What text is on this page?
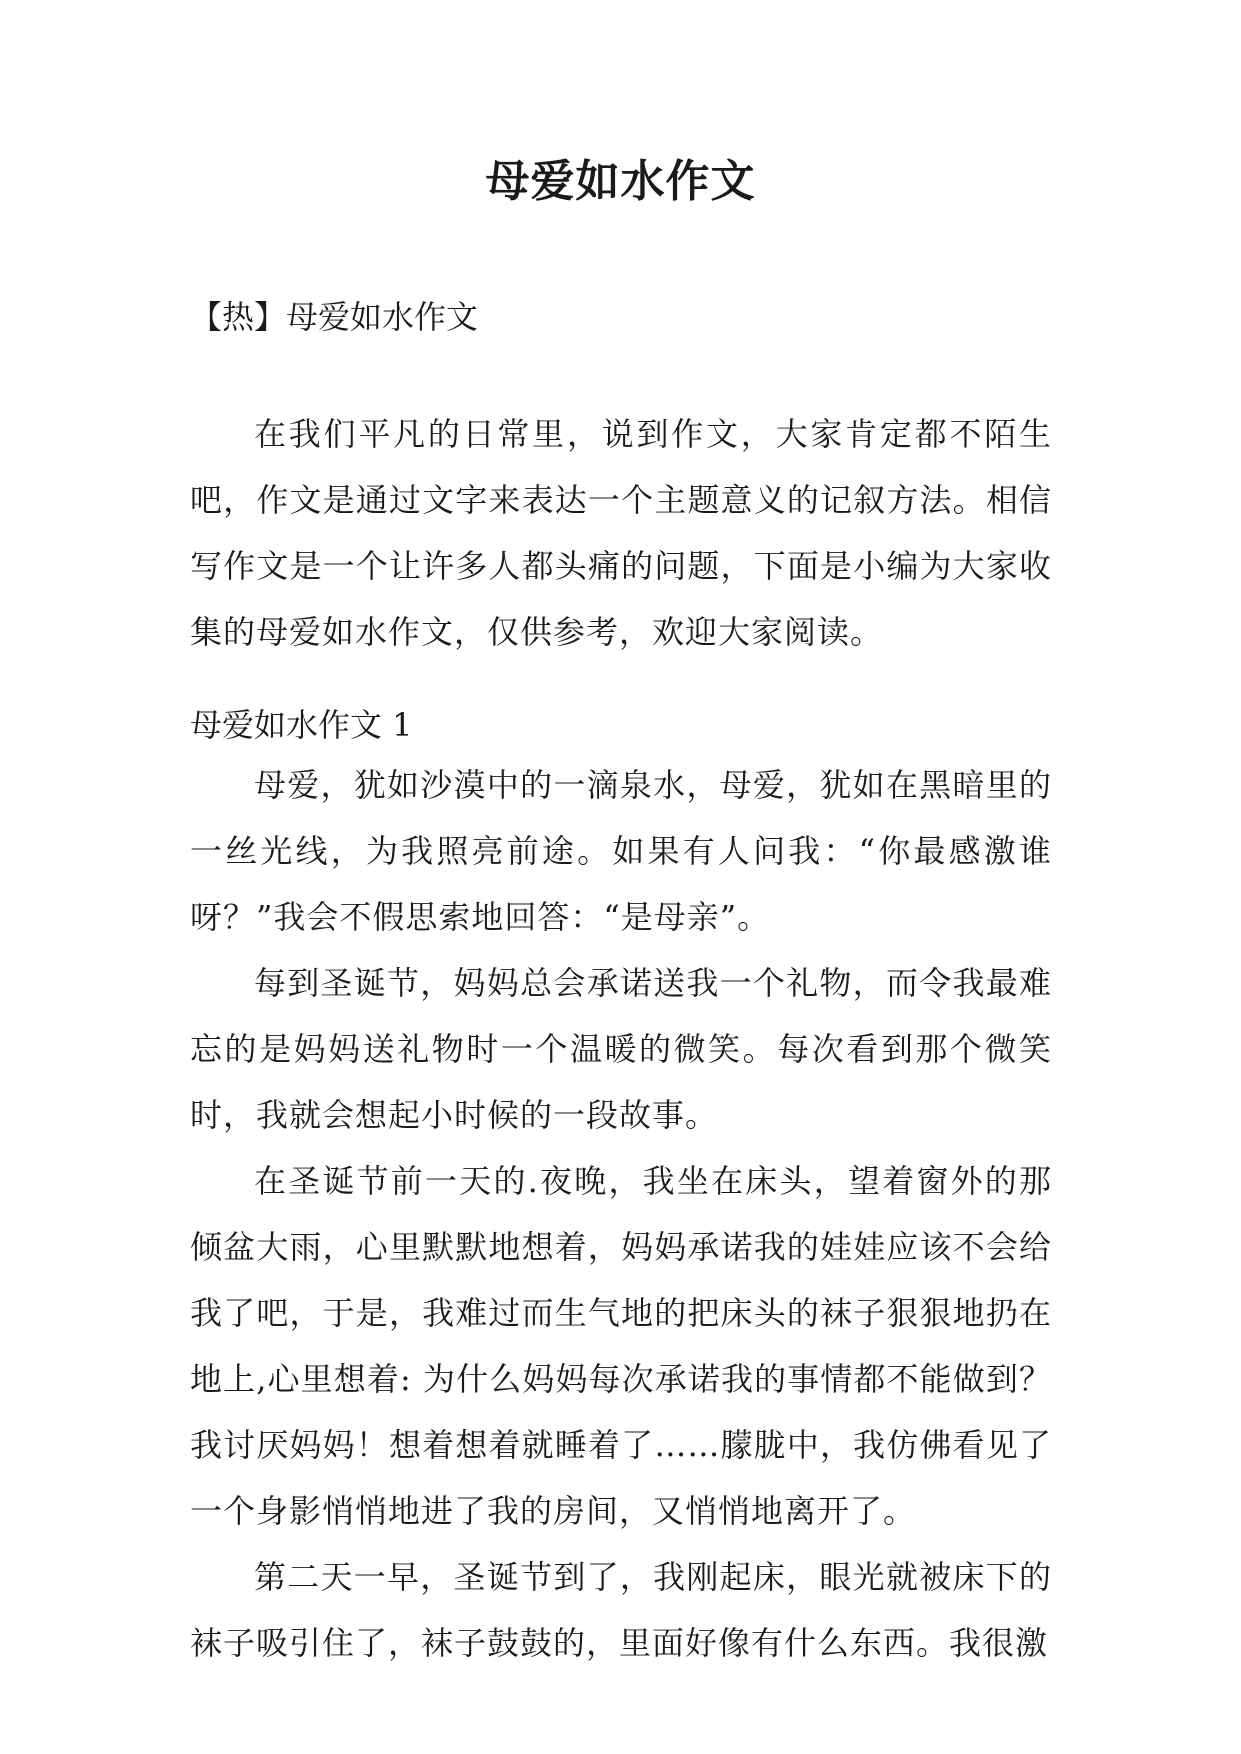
母爱如水作文
【热】母爱如水作文

在我们平凡的日常里，说到作文，大家肯定都不陌生吧，作文是通过文字来表达一个主题意义的记叙方法。相信写作文是一个让许多人都头痛的问题，下面是小编为大家收集的母爱如水作文，仅供参考，欢迎大家阅读。

母爱如水作文 1

母爱，犹如沙漠中的一滴泉水，母爱，犹如在黑暗里的一丝光线，为我照亮前途。如果有人问我：“你最感激谁呀？”我会不假思索地回答：“是母亲”。

每到圣诞节，妈妈总会承诺送我一个礼物，而令我最难忘的是妈妈送礼物时一个温暖的微笑。每次看到那个微笑时，我就会想起小时候的一段故事。

在圣诞节前一天的.夜晚，我坐在床头，望着窗外的那倾盆大雨，心里默默地想着，妈妈承诺我的娃娃应该不会给我了吧，于是，我难过而生气地的把床头的袜子狠狠地扔在地上,心里想着: 为什么妈妈每次承诺我的事情都不能做到？我讨厌妈妈！想着想着就睡着了……朦胧中，我仿佛看见了一个身影悄悄地进了我的房间，又悄悄地离开了。

第二天一早，圣诞节到了，我刚起床，眼光就被床下的袜子吸引住了，袜子鼓鼓的，里面好像有什么东西。我很激
